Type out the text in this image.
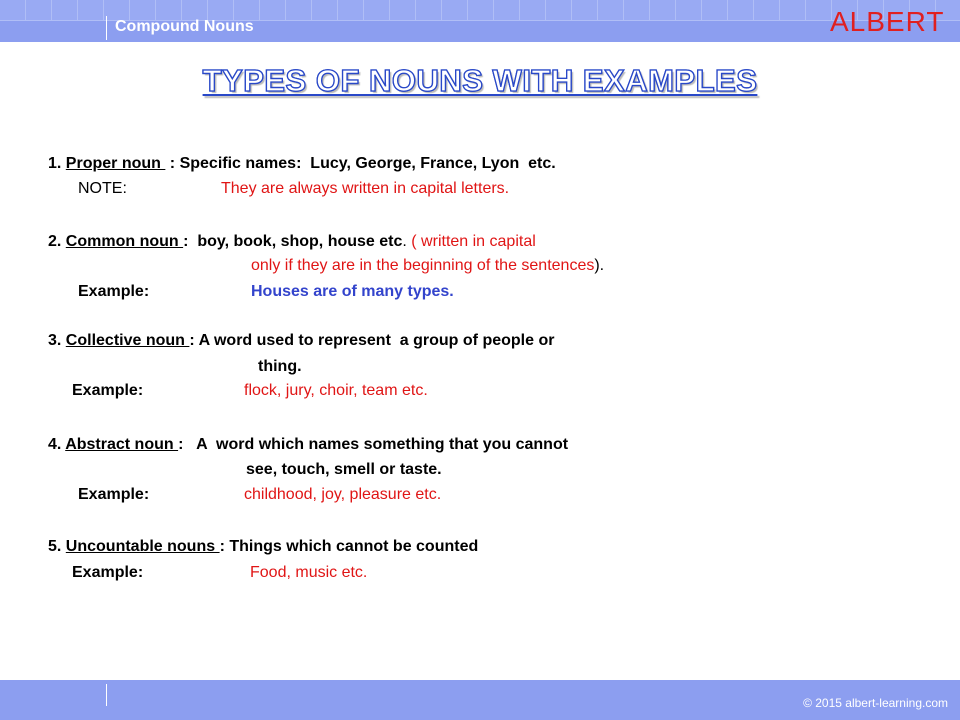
Compound Nouns	ALBERT
TYPES OF NOUNS WITH EXAMPLES
1. Proper noun  : Specific names:  Lucy, George, France, Lyon  etc.
NOTE:	They are always written in capital letters.
2. Common noun :  boy, book, shop, house etc. ( written in capital
only if they are in the beginning of the sentences).
Example:	Houses are of many types.
3. Collective noun : A word used to represent  a group of people or
thing.
Example:	flock, jury, choir, team etc.
4. Abstract noun :   A  word which names something that you cannot
see, touch, smell or taste.
Example:	childhood, joy, pleasure etc.
5. Uncountable nouns : Things which cannot be counted
Example:	Food, music etc.
© 2015 albert-learning.com
